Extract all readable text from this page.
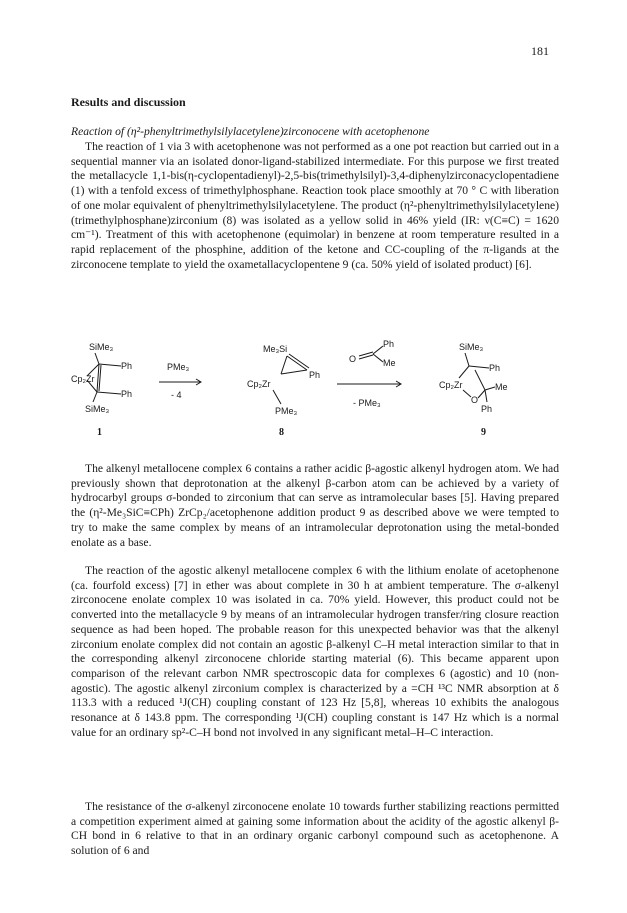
181
Results and discussion
Reaction of (η²-phenyltrimethylsilylacetylene)zirconocene with acetophenone

The reaction of 1 via 3 with acetophenone was not performed as a one pot reaction but carried out in a sequential manner via an isolated donor-ligand-stabilized intermediate. For this purpose we first treated the metallacycle 1,1-bis(η-cyclopentadienyl)-2,5-bis(trimethylsilyl)-3,4-diphenylzirconacyclopentadiene (1) with a tenfold excess of trimethylphosphane. Reaction took place smoothly at 70 ° C with liberation of one molar equivalent of phenyltrimethylsilylacetylene. The product (η²-phenyltrimethylsilylacetylene)(trimethylphosphane)zirconium (8) was isolated as a yellow solid in 46% yield (IR: ν(C≡C) = 1620 cm⁻¹). Treatment of this with acetophenone (equimolar) in benzene at room temperature resulted in a rapid replacement of the phosphine, addition of the ketone and CC-coupling of the π-ligands at the zirconocene template to yield the oxametallacyclopentene 9 (ca. 50% yield of isolated product) [6].

SiMe₃
Ph
Ph
Cp₂Zr
SiMe₃
1
PMe₃
- 4
Me₃Si
Ph
Cp₂Zr
PMe₃
8
O
Ph
Me
- PMe₃
SiMe₃
Ph
Cp₂Zr
O
Me
Ph
9

The alkenyl metallocene complex 6 contains a rather acidic β-agostic alkenyl hydrogen atom. We had previously shown that deprotonation at the alkenyl β-carbon atom can be achieved by a variety of hydrocarbyl groups σ-bonded to zirconium that can serve as intramolecular bases [5]. Having prepared the (η²-Me₃SiC≡CPh) ZrCp₂/acetophenone addition product 9 as described above we were tempted to try to make the same complex by means of an intramolecular deprotonation using the metal-bonded enolate as a base.

The reaction of the agostic alkenyl metallocene complex 6 with the lithium enolate of acetophenone (ca. fourfold excess) [7] in ether was about complete in 30 h at ambient temperature. The σ-alkenyl zirconocene enolate complex 10 was isolated in ca. 70% yield. However, this product could not be converted into the metallacycle 9 by means of an intramolecular hydrogen transfer/ring closure reaction sequence as had been hoped. The probable reason for this unexpected behavior was that the alkenyl zirconium enolate complex did not contain an agostic β-alkenyl C–H metal interaction similar to that in the corresponding alkenyl zirconocene chloride starting material (6). This became apparent upon comparison of the relevant carbon NMR spectroscopic data for complexes 6 (agostic) and 10 (non-agostic). The agostic alkenyl zirconium complex is characterized by a =CH ¹³C NMR absorption at δ 113.3 with a reduced ¹J(CH) coupling constant of 123 Hz [5,8], whereas 10 exhibits the analogous resonance at δ 143.8 ppm. The corresponding ¹J(CH) coupling constant is 147 Hz which is a normal value for an ordinary sp²-C–H bond not involved in any significant metal–H–C interaction.

The resistance of the σ-alkenyl zirconocene enolate 10 towards further stabilizing reactions permitted a competition experiment aimed at gaining some information about the acidity of the agostic alkenyl β-CH bond in 6 relative to that in an ordinary organic carbonyl compound such as acetophenone. A solution of 6 and
